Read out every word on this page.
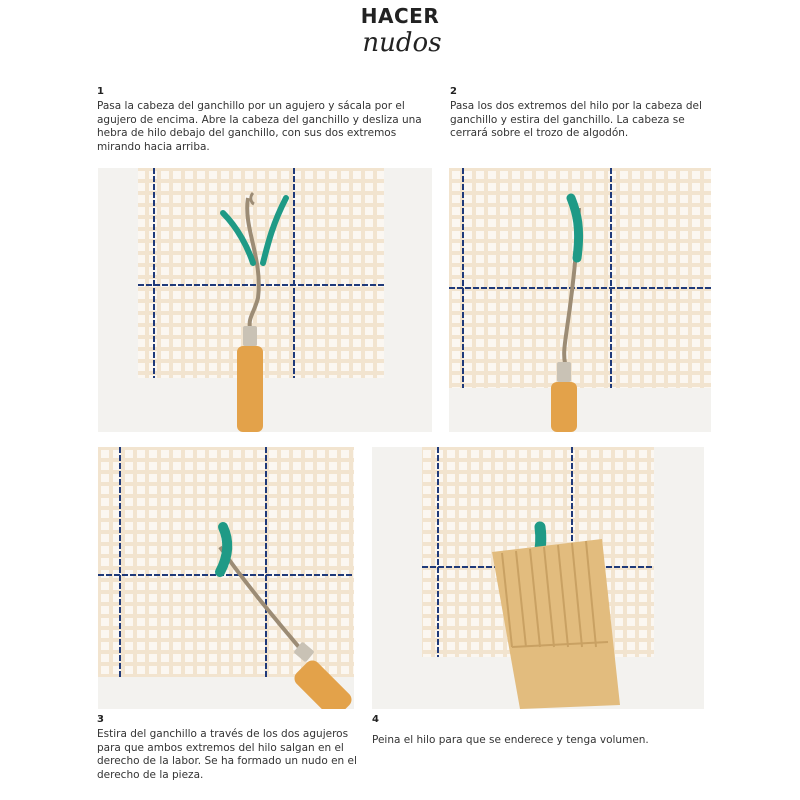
HACER
nudos
1
Pasa la cabeza del ganchillo por un agujero y sácala por el agujero de encima. Abre la cabeza del ganchillo y desliza una hebra de hilo debajo del ganchillo, con sus dos extremos mirando hacia arriba.
2
Pasa los dos extremos del hilo por la cabeza del ganchillo y estira del ganchillo. La cabeza se cerrará sobre el trozo de algodón.
3
Estira del ganchillo a través de los dos agujeros para que ambos extremos del hilo salgan en el derecho de la labor. Se ha formado un nudo en el derecho de la pieza.
4
Peina el hilo para que se enderece y tenga volumen.
